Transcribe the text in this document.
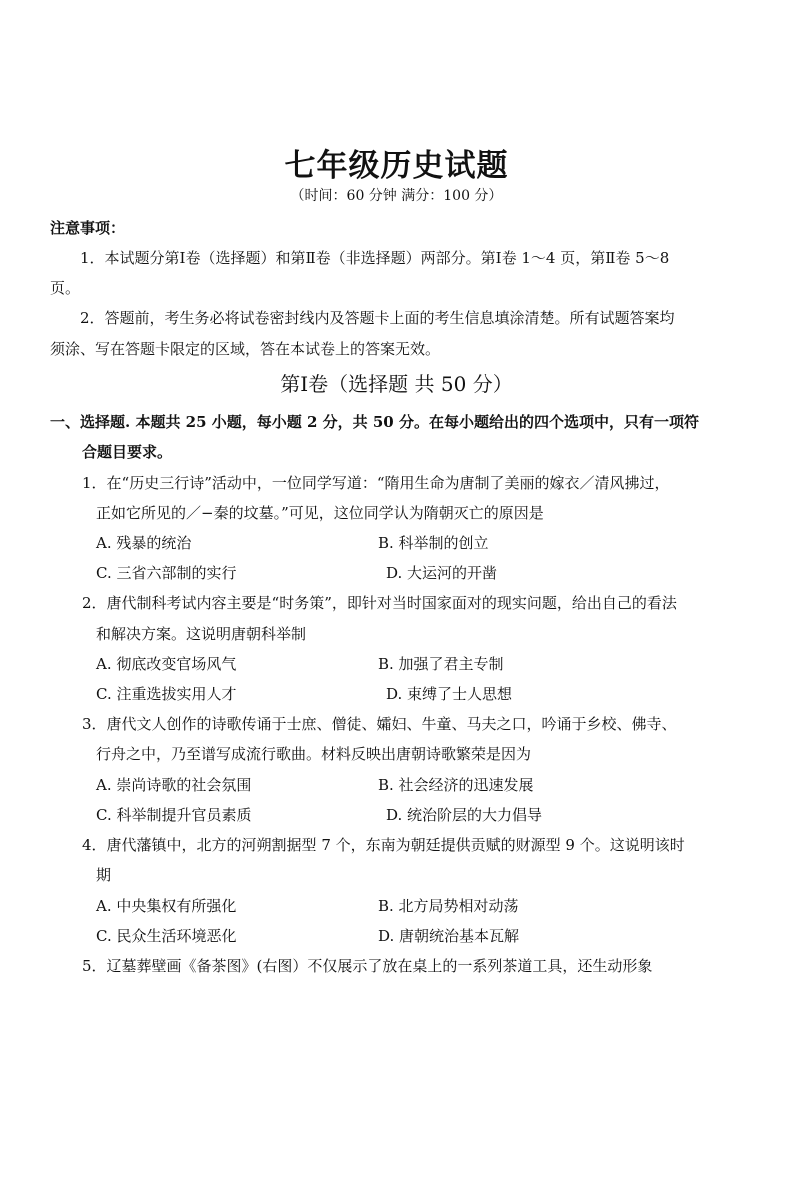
七年级历史试题
（时间：60 分钟 满分：100 分）
注意事项：
1．本试题分第Ⅰ卷（选择题）和第Ⅱ卷（非选择题）两部分。第Ⅰ卷 1～4 页，第Ⅱ卷 5～8
页。
2．答题前，考生务必将试卷密封线内及答题卡上面的考生信息填涂清楚。所有试题答案均
须涂、写在答题卡限定的区域，答在本试卷上的答案无效。
第Ⅰ卷（选择题 共 50 分）
一、选择题. 本题共 25 小题，每小题 2 分，共 50 分。在每小题给出的四个选项中，只有一项符
合题目要求。
1．在“历史三行诗”活动中，一位同学写道：“隋用生命为唐制了美丽的嫁衣／清风拂过，
正如它所见的／−秦的坟墓。”可见，这位同学认为隋朝灭亡的原因是
A. 残暴的统治	B. 科举制的创立
C. 三省六部制的实行	D. 大运河的开凿
2．唐代制科考试内容主要是“时务策”，即针对当时国家面对的现实问题，给出自己的看法
和解决方案。这说明唐朝科举制
A. 彻底改变官场风气	B. 加强了君主专制
C. 注重选拔实用人才	D. 束缚了士人思想
3．唐代文人创作的诗歌传诵于士庶、僧徒、孀妇、牛童、马夫之口，吟诵于乡校、佛寺、
行舟之中，乃至谱写成流行歌曲。材料反映出唐朝诗歌繁荣是因为
A. 崇尚诗歌的社会氛围	B. 社会经济的迅速发展
C. 科举制提升官员素质	D. 统治阶层的大力倡导
4．唐代藩镇中，北方的河朔割据型 7 个，东南为朝廷提供贡赋的财源型 9 个。这说明该时
期
A. 中央集权有所强化	B. 北方局势相对动荡
C. 民众生活环境恶化	D. 唐朝统治基本瓦解
5．辽墓葬壁画《备茶图》(右图）不仅展示了放在桌上的一系列茶道工具，还生动形象
